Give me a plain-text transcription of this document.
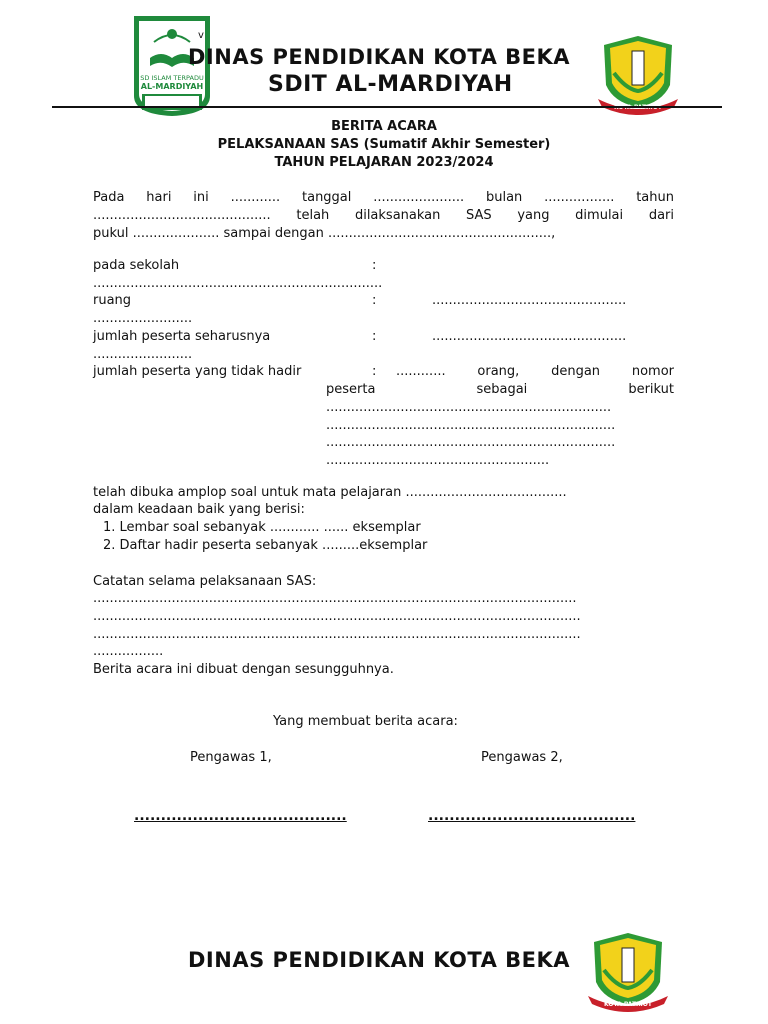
SD ISLAM TERPADU
AL-MARDIYAH
v
DINAS PENDIDIKAN KOTA BEKA
SDIT AL-MARDIYAH
BERITA ACARA
PELAKSANAAN SAS (Sumatif Akhir Semester)
TAHUN PELAJARAN 2023/2024
Pada hari ini ............ tanggal ...................... bulan ................. tahun
........................................... telah dilaksanakan SAS yang dimulai dari
pukul ..................... sampai dengan ......................................................,
pada sekolah	:
......................................................................
ruang	:	...............................................
........................
jumlah peserta seharusnya	:	...............................................
........................
jumlah peserta yang tidak hadir	: ............ orang, dengan nomor
peserta sebagai berikut
.....................................................................
......................................................................
......................................................................
......................................................
telah dibuka amplop soal untuk mata pelajaran .......................................
dalam keadaan baik yang berisi:
1. Lembar soal sebanyak ............ ...... eksemplar
2. Daftar hadir peserta sebanyak .........eksemplar
Catatan selama pelaksanaan SAS:
.....................................................................................................................
......................................................................................................................
......................................................................................................................
.................
Berita acara ini dibuat dengan sesungguhnya.
Yang membuat berita acara:
Pengawas 1,	Pengawas 2,
........................................	.......................................
DINAS PENDIDIKAN KOTA BEKA
KOTA PATRIOT
